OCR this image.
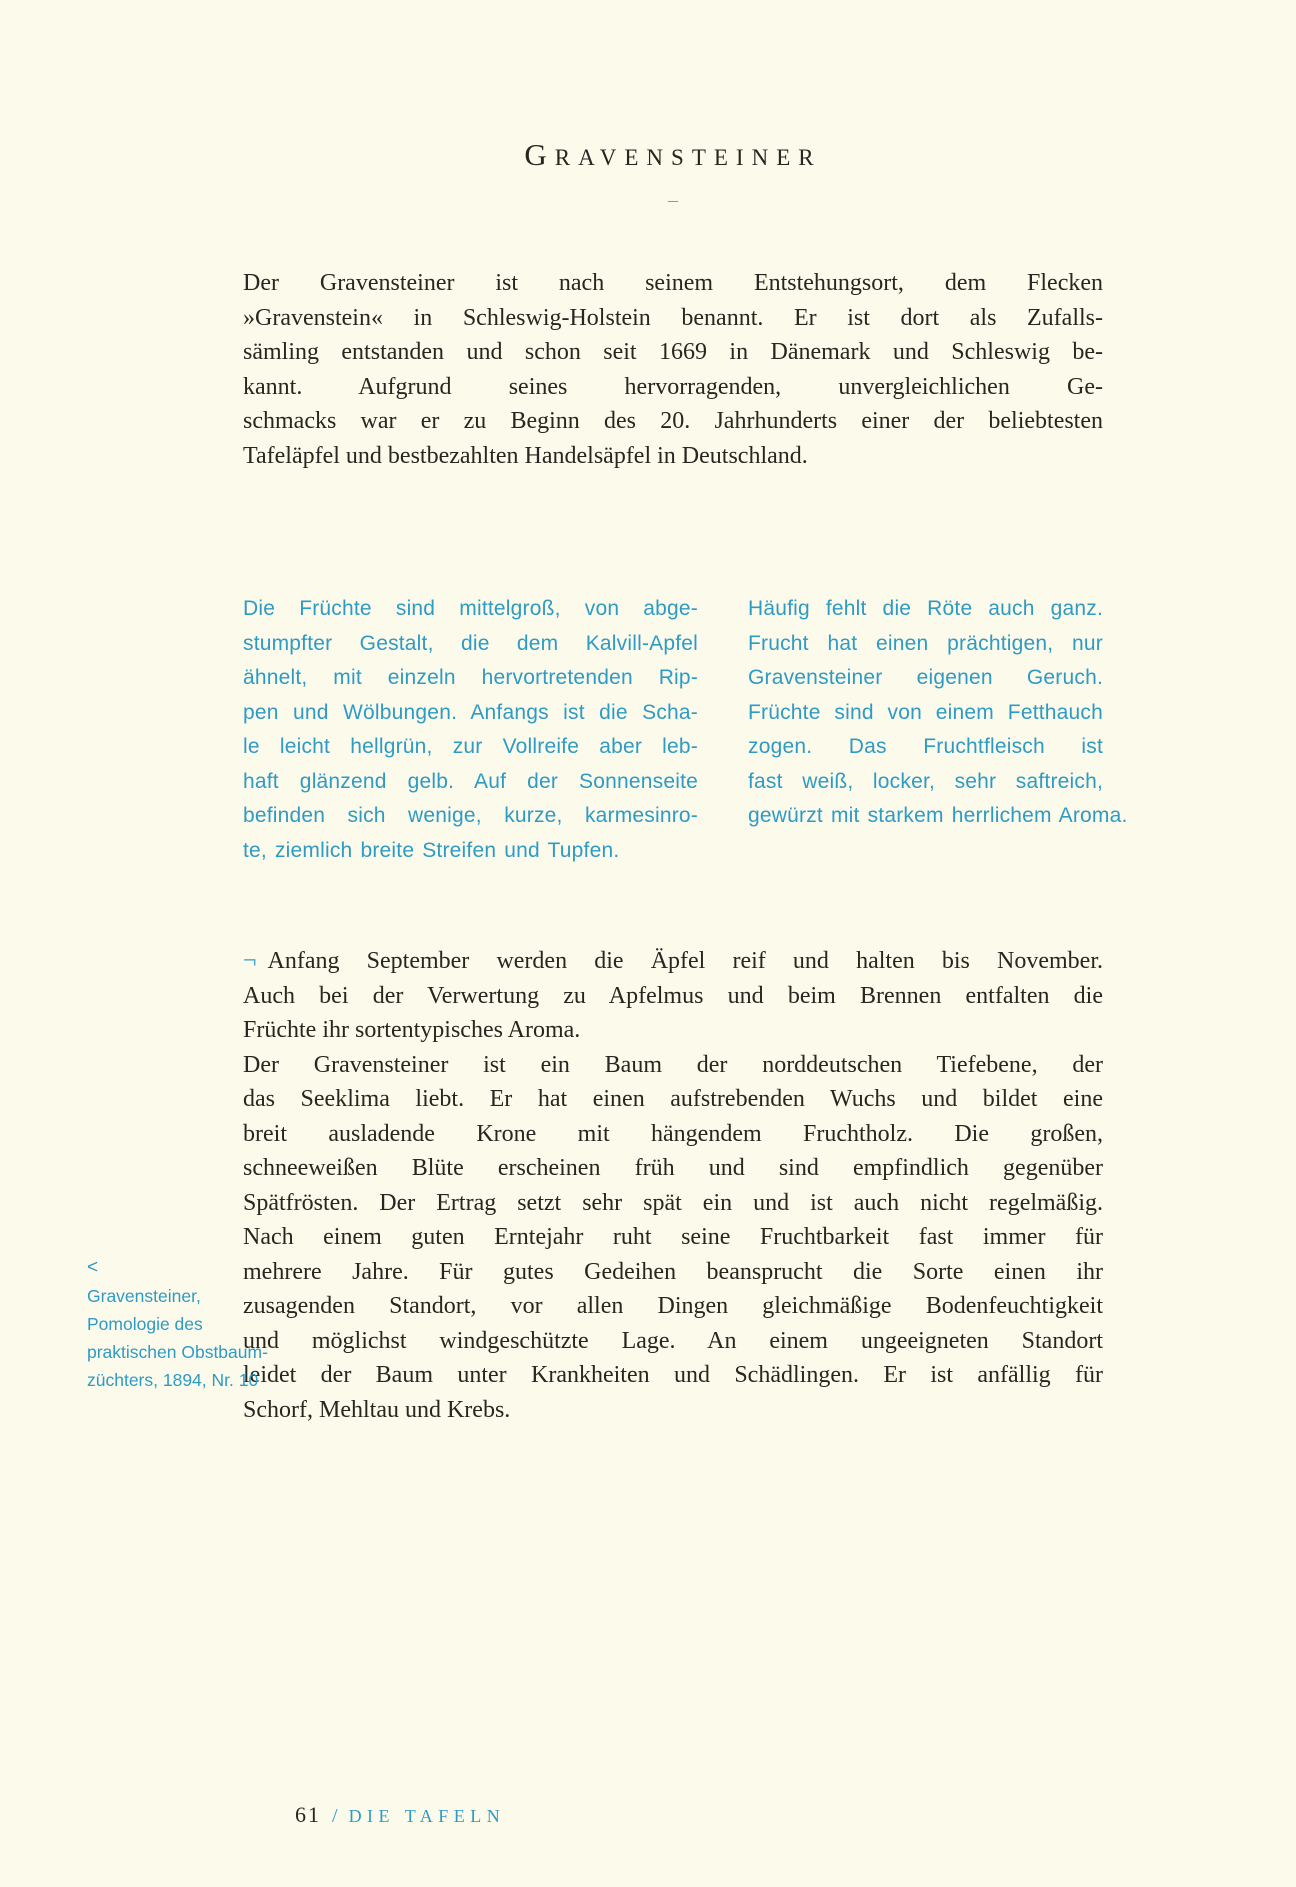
GRAVENSTEINER
–
Der Gravensteiner ist nach seinem Entstehungsort, dem Flecken
»Gravenstein« in Schleswig-Holstein benannt. Er ist dort als Zufalls-
sämling entstanden und schon seit 1669 in Dänemark und Schleswig be-
kannt. Aufgrund seines hervorragenden, unvergleichlichen Ge-
schmacks war er zu Beginn des 20. Jahrhunderts einer der beliebtesten
Tafeläpfel und bestbezahlten Handelsäpfel in Deutschland.
Die Früchte sind mittelgroß, von abge-
stumpfter Gestalt, die dem Kalvill-Apfel
ähnelt, mit einzeln hervortretenden Rip-
pen und Wölbungen. Anfangs ist die Scha-
le leicht hellgrün, zur Vollreife aber leb-
haft glänzend gelb. Auf der Sonnenseite
befinden sich wenige, kurze, karmesinro-
te, ziemlich breite Streifen und Tupfen.
Häufig fehlt die Röte auch ganz.
Frucht hat einen prächtigen, nur
Gravensteiner eigenen Geruch.
Früchte sind von einem Fetthauch
zogen. Das Fruchtfleisch ist
fast weiß, locker, sehr saftreich,
gewürzt mit starkem herrlichem Aroma.
¬ Anfang September werden die Äpfel reif und halten bis November.
Auch bei der Verwertung zu Apfelmus und beim Brennen entfalten die
Früchte ihr sortentypisches Aroma.
Der Gravensteiner ist ein Baum der norddeutschen Tiefebene, der
das Seeklima liebt. Er hat einen aufstrebenden Wuchs und bildet eine
breit ausladende Krone mit hängendem Fruchtholz. Die großen,
schneeweißen Blüte erscheinen früh und sind empfindlich gegenüber
Spätfrösten. Der Ertrag setzt sehr spät ein und ist auch nicht regelmäßig.
Nach einem guten Erntejahr ruht seine Fruchtbarkeit fast immer für
mehrere Jahre. Für gutes Gedeihen beansprucht die Sorte einen ihr
zusagenden Standort, vor allen Dingen gleichmäßige Bodenfeuchtigkeit
und möglichst windgeschützte Lage. An einem ungeeigneten Standort
leidet der Baum unter Krankheiten und Schädlingen. Er ist anfällig für
Schorf, Mehltau und Krebs.
<
Gravensteiner,
Pomologie des
praktischen Obstbaum-
züchters, 1894, Nr. 10
61 / DIE TAFELN
